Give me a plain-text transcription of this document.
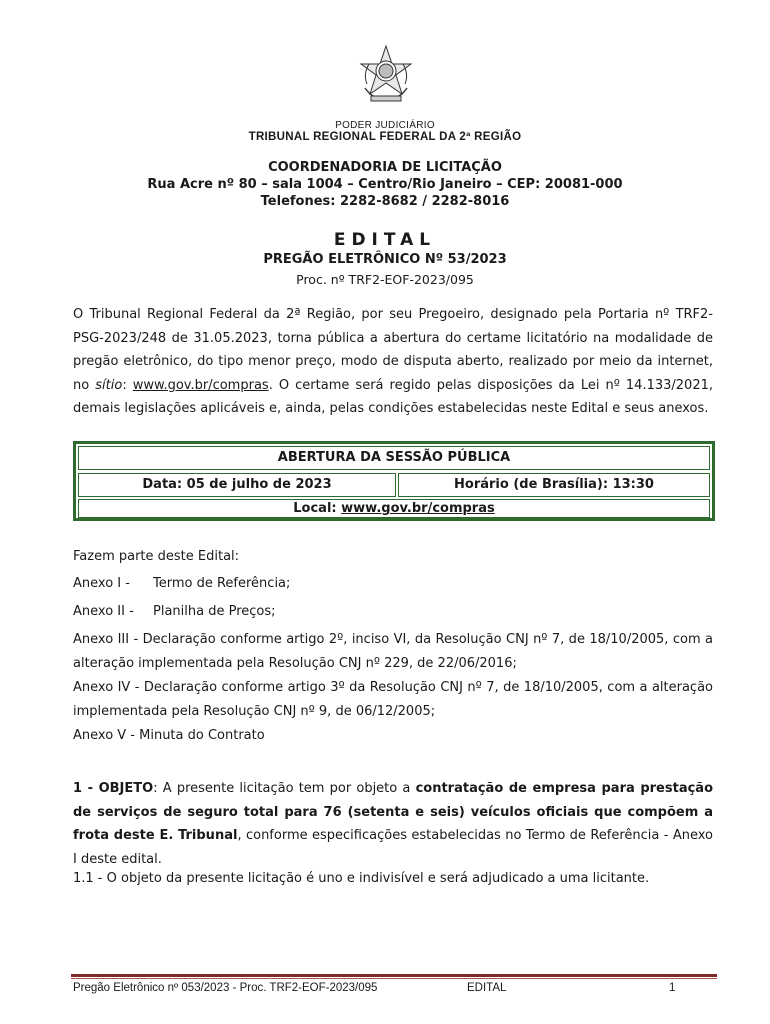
PODER JUDICIÁRIO
TRIBUNAL REGIONAL FEDERAL DA 2ª REGIÃO
COORDENADORIA DE LICITAÇÃO
Rua Acre nº 80 – sala 1004 – Centro/Rio Janeiro – CEP: 20081-000
Telefones: 2282-8682 / 2282-8016
EDITAL
PREGÃO ELETRÔNICO Nº 53/2023
Proc. nº TRF2-EOF-2023/095
O Tribunal Regional Federal da 2ª Região, por seu Pregoeiro, designado pela Portaria nº TRF2-PSG-2023/248 de 31.05.2023, torna pública a abertura do certame licitatório na modalidade de pregão eletrônico, do tipo menor preço, modo de disputa aberto, realizado por meio da internet, no sítio: www.gov.br/compras. O certame será regido pelas disposições da Lei nº 14.133/2021, demais legislações aplicáveis e, ainda, pelas condições estabelecidas neste Edital e seus anexos.
ABERTURA DA SESSÃO PÚBLICA
Data: 05 de julho de 2023	Horário (de Brasília): 13:30
Local: www.gov.br/compras
Fazem parte deste Edital:
Anexo I - Termo de Referência;
Anexo II - Planilha de Preços;
Anexo III - Declaração conforme artigo 2º, inciso VI, da Resolução CNJ nº 7, de 18/10/2005, com a alteração implementada pela Resolução CNJ nº 229, de 22/06/2016;
Anexo IV - Declaração conforme artigo 3º da Resolução CNJ nº 7, de 18/10/2005, com a alteração implementada pela Resolução CNJ nº 9, de 06/12/2005;
Anexo V - Minuta do Contrato
1 - OBJETO: A presente licitação tem por objeto a contratação de empresa para prestação de serviços de seguro total para 76 (setenta e seis) veículos oficiais que compõem a frota deste E. Tribunal, conforme especificações estabelecidas no Termo de Referência - Anexo I deste edital.
1.1 - O objeto da presente licitação é uno e indivisível e será adjudicado a uma licitante.
Pregão Eletrônico nº 053/2023 - Proc. TRF2-EOF-2023/095	EDITAL	1
